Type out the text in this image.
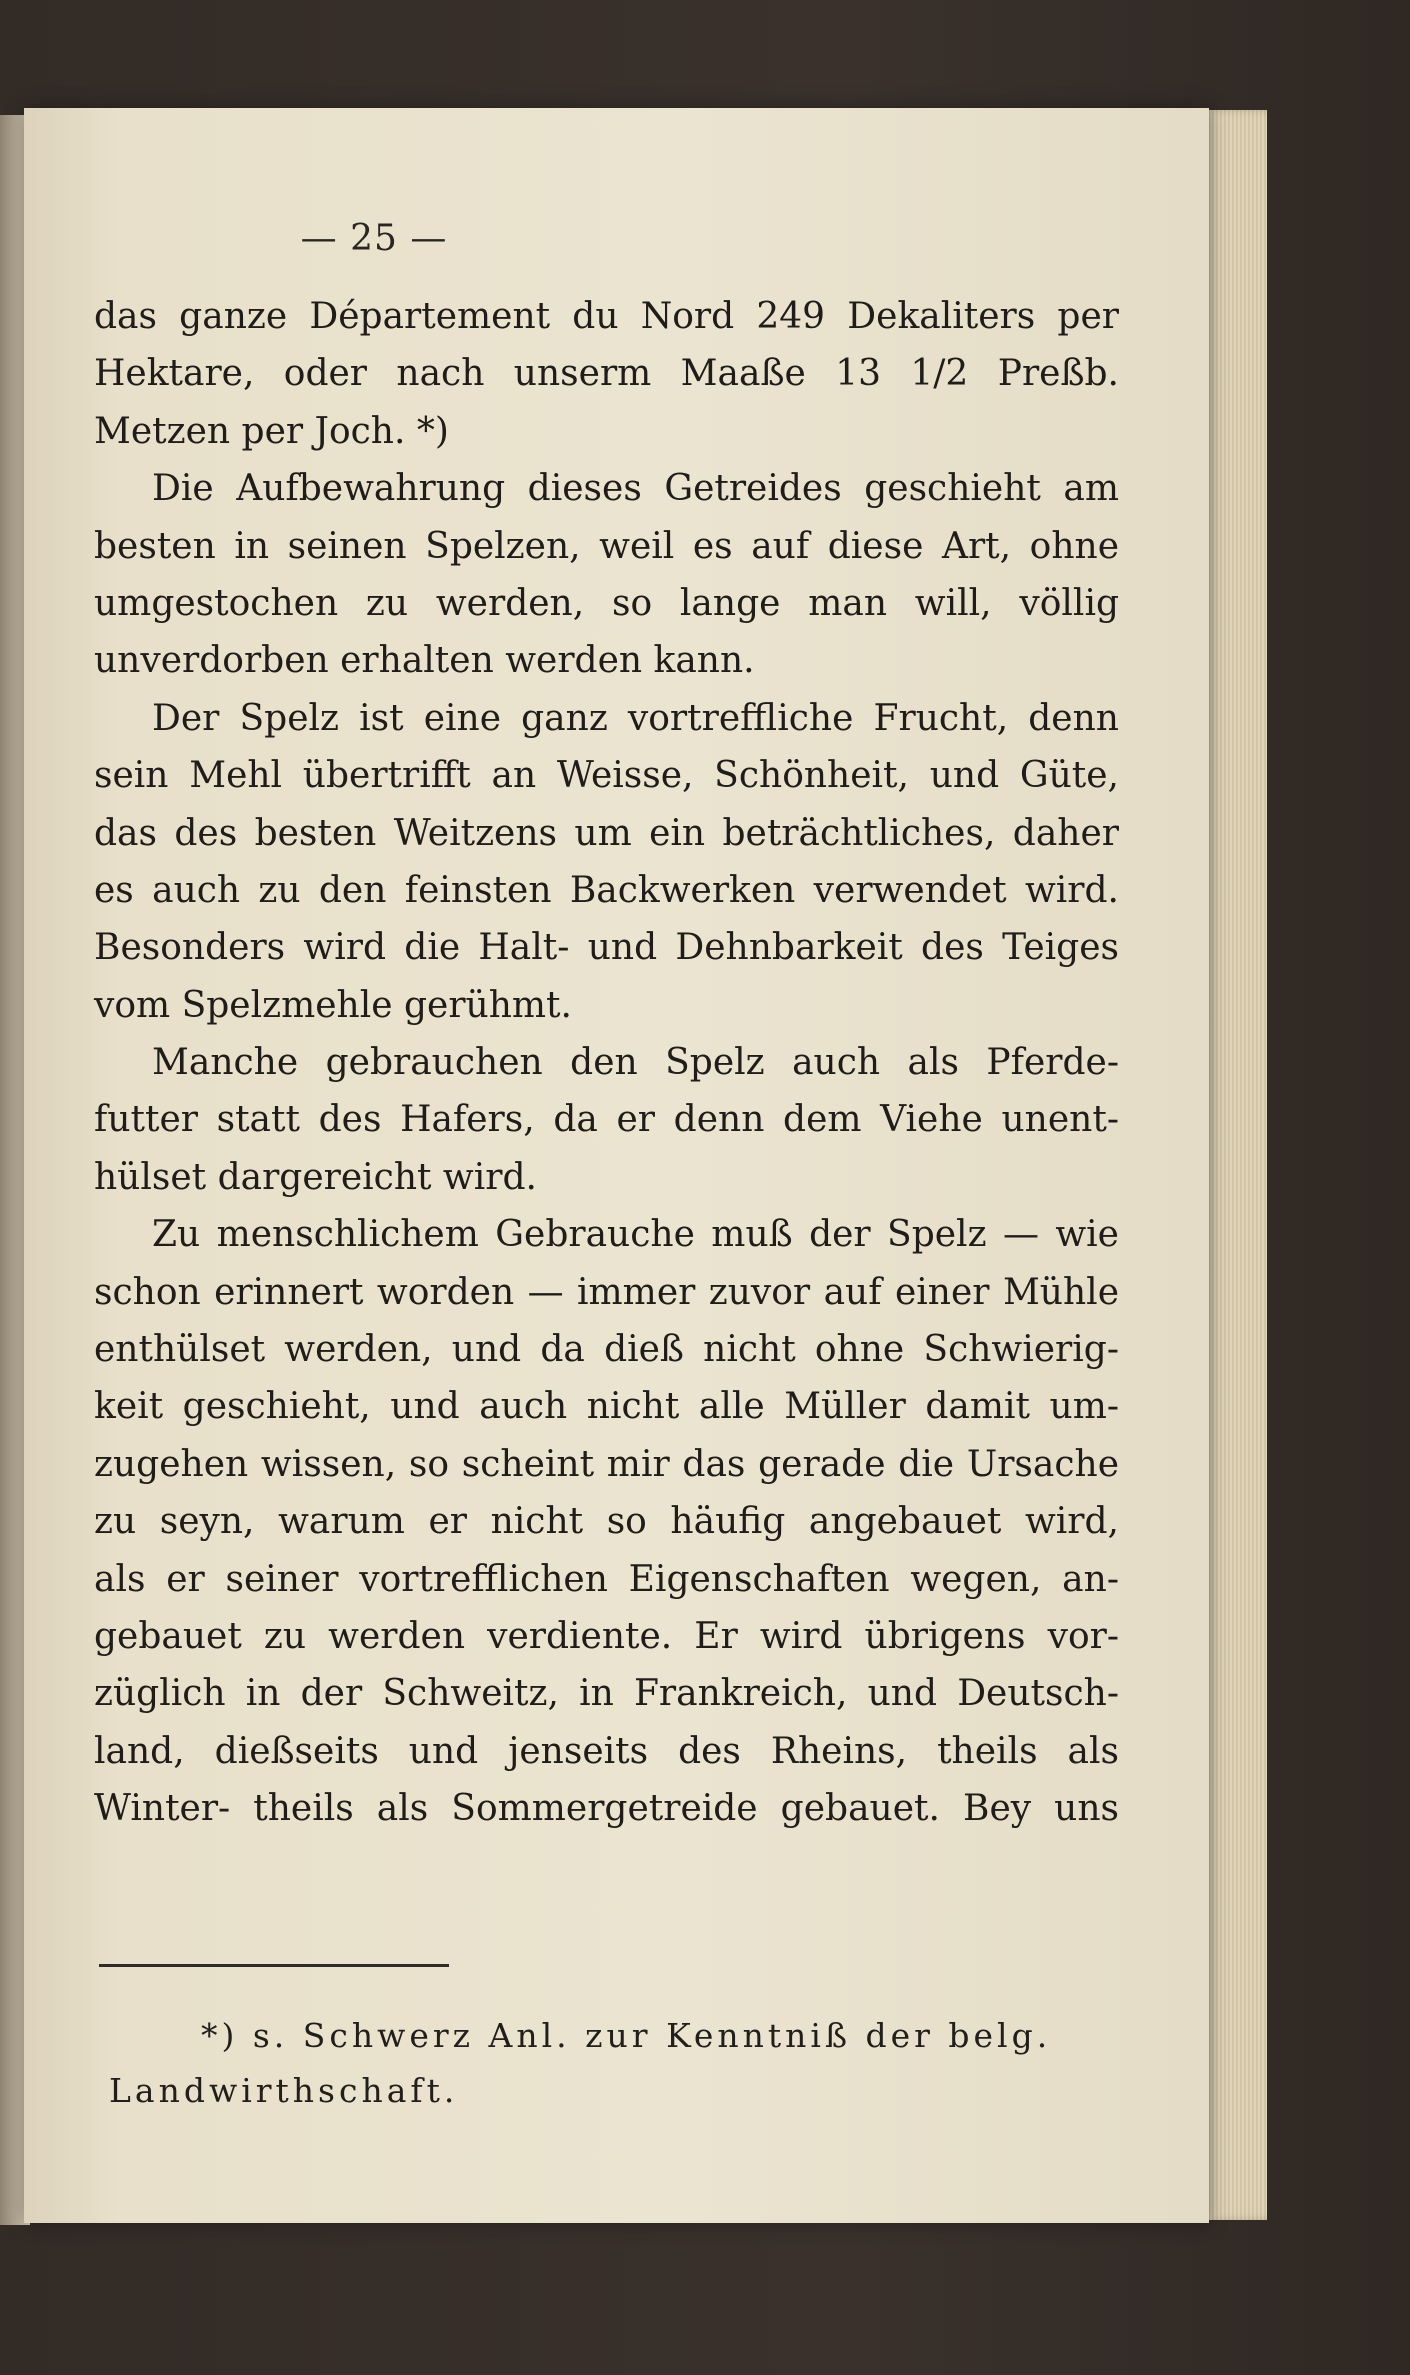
— 25 —
das ganze Département du Nord 249 Dekaliters per
Hektare, oder nach unserm Maaße 13 1/2 Preßb.
Metzen per Joch. *)
Die Aufbewahrung dieses Getreides geschieht am
besten in seinen Spelzen, weil es auf diese Art, ohne
umgestochen zu werden, so lange man will, völlig
unverdorben erhalten werden kann.
Der Spelz ist eine ganz vortreffliche Frucht, denn
sein Mehl übertrifft an Weisse, Schönheit, und Güte,
das des besten Weitzens um ein beträchtliches, daher
es auch zu den feinsten Backwerken verwendet wird.
Besonders wird die Halt- und Dehnbarkeit des Teiges
vom Spelzmehle gerühmt.
Manche gebrauchen den Spelz auch als Pferde-
futter statt des Hafers, da er denn dem Viehe unent-
hülset dargereicht wird.
Zu menschlichem Gebrauche muß der Spelz — wie
schon erinnert worden — immer zuvor auf einer Mühle
enthülset werden, und da dieß nicht ohne Schwierig-
keit geschieht, und auch nicht alle Müller damit um-
zugehen wissen, so scheint mir das gerade die Ursache
zu seyn, warum er nicht so häufig angebauet wird,
als er seiner vortrefflichen Eigenschaften wegen, an-
gebauet zu werden verdiente. Er wird übrigens vor-
züglich in der Schweitz, in Frankreich, und Deutsch-
land, dießseits und jenseits des Rheins, theils als
Winter- theils als Sommergetreide gebauet. Bey uns
*) s. Schwerz Anl. zur Kenntniß der belg.
Landwirthschaft.
